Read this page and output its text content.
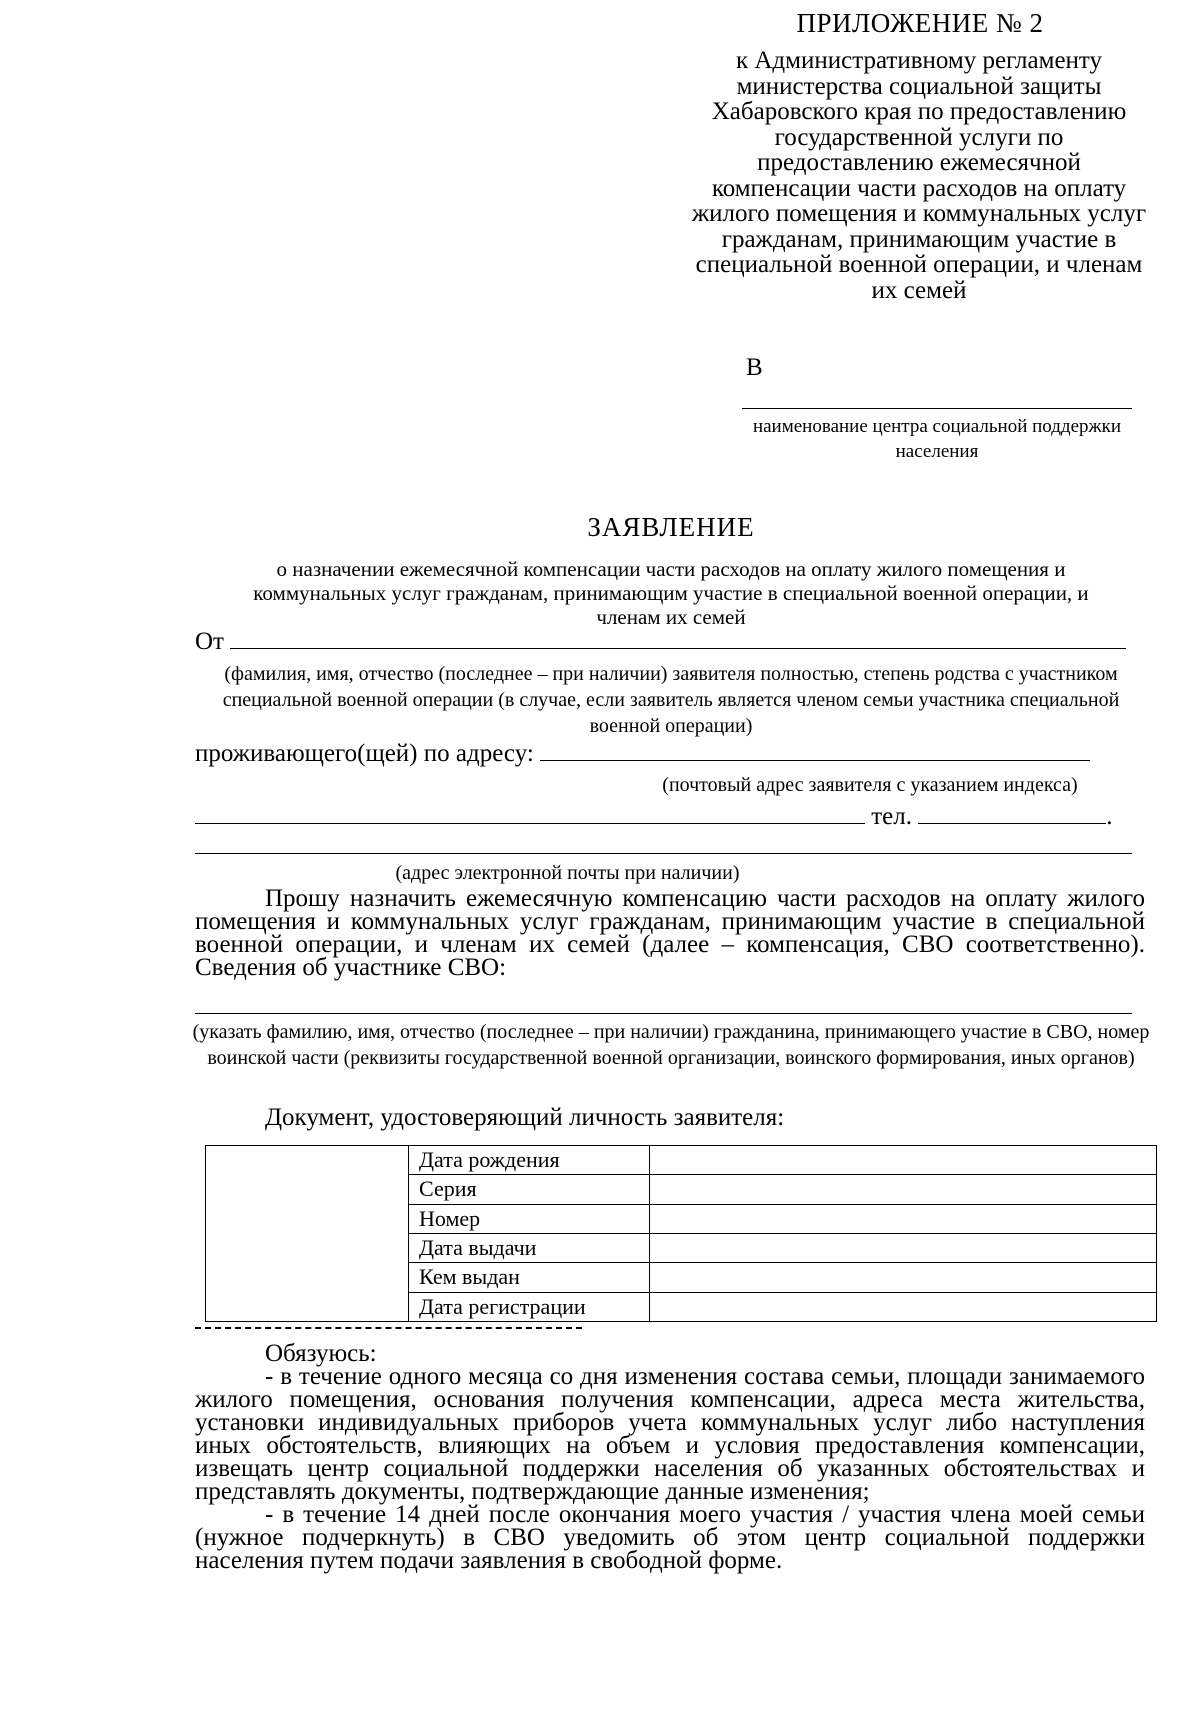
ПРИЛОЖЕНИЕ № 2
к Административному регламенту министерства социальной защиты Хабаровского края по предоставлению государственной услуги по предоставлению ежемесячной компенсации части расходов на оплату жилого помещения и коммунальных услуг гражданам, принимающим участие в специальной военной операции, и членам их семей
В
наименование центра социальной поддержки населения
ЗАЯВЛЕНИЕ
о назначении ежемесячной компенсации части расходов на оплату жилого помещения и коммунальных услуг гражданам, принимающим участие в специальной военной операции, и членам их семей
От
(фамилия, имя, отчество (последнее – при наличии) заявителя полностью, степень родства с участником специальной военной операции (в случае, если заявитель является членом семьи участника специальной военной операции)
проживающего(щей) по адресу:
(почтовый адрес заявителя с указанием индекса)
тел.	.
(адрес электронной почты при наличии)

Прошу назначить ежемесячную компенсацию части расходов на оплату жилого помещения и коммунальных услуг гражданам, принимающим участие в специальной военной операции, и членам их семей (далее – компенсация, СВО соответственно). Сведения об участнике СВО:

(указать фамилию, имя, отчество (последнее – при наличии) гражданина, принимающего участие в СВО, номер воинской части (реквизиты государственной военной организации, воинского формирования, иных органов)
Документ, удостоверяющий личность заявителя:
	Дата рождения	
	Серия	
	Номер	
	Дата выдачи	
	Кем выдан	
	Дата регистрации	
Обязуюсь:

- в течение одного месяца со дня изменения состава семьи, площади занимаемого жилого помещения, основания получения компенсации, адреса места жительства, установки индивидуальных приборов учета коммунальных услуг либо наступления иных обстоятельств, влияющих на объем и условия предоставления компенсации, извещать центр социальной поддержки населения об указанных обстоятельствах и представлять документы, подтверждающие данные изменения;

- в течение 14 дней после окончания моего участия / участия члена моей семьи (нужное подчеркнуть) в СВО уведомить об этом центр социальной поддержки населения путем подачи заявления в свободной форме.
